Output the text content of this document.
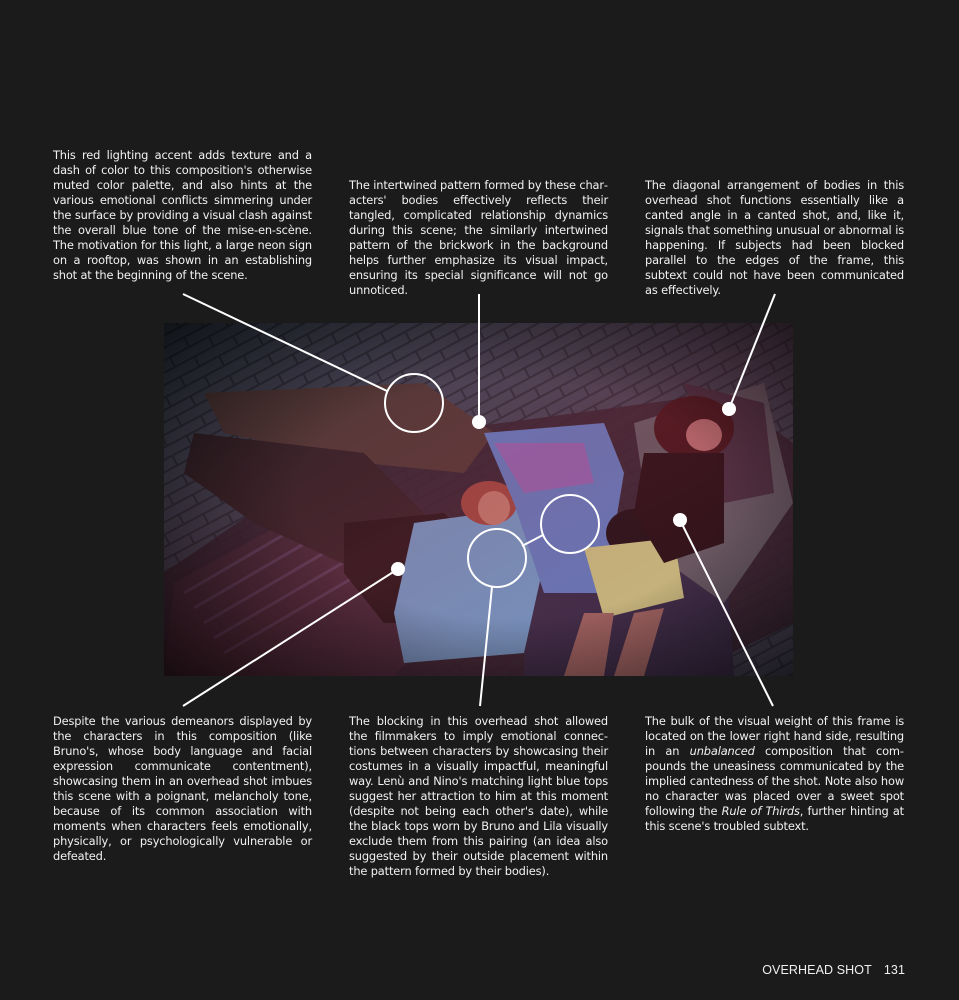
This red lighting accent adds texture and a dash of color to this composition's otherwise muted color palette, and also hints at the various emotional conflicts simmering under the surface by providing a visual clash against the overall blue tone of the mise-en-scène. The motivation for this light, a large neon sign on a rooftop, was shown in an establishing shot at the beginning of the scene.
The intertwined pattern formed by these characters' bodies effectively reflects their tangled, complicated relationship dynamics during this scene; the similarly intertwined pattern of the brickwork in the background helps further emphasize its visual impact, ensuring its special significance will not go unnoticed.
The diagonal arrangement of bodies in this overhead shot functions essentially like a canted angle in a canted shot, and, like it, signals that something unusual or abnormal is happening. If subjects had been blocked parallel to the edges of the frame, this subtext could not have been communicated as effectively.
Despite the various demeanors displayed by the characters in this composition (like Bruno's, whose body language and facial expression communicate contentment), showcasing them in an overhead shot imbues this scene with a poignant, melancholy tone, because of its common association with moments when characters feels emotionally, physically, or psychologically vulnerable or defeated.
The blocking in this overhead shot allowed the filmmakers to imply emotional connections between characters by showcasing their costumes in a visually impactful, meaningful way. Lenù and Nino's matching light blue tops suggest her attraction to him at this moment (despite not being each other's date), while the black tops worn by Bruno and Lila visually exclude them from this pairing (an idea also suggested by their outside placement within the pattern formed by their bodies).
The bulk of the visual weight of this frame is located on the lower right hand side, resulting in an unbalanced composition that compounds the uneasiness communicated by the implied cantedness of the shot. Note also how no character was placed over a sweet spot following the Rule of Thirds, further hinting at this scene's troubled subtext.
OVERHEAD SHOT 131
